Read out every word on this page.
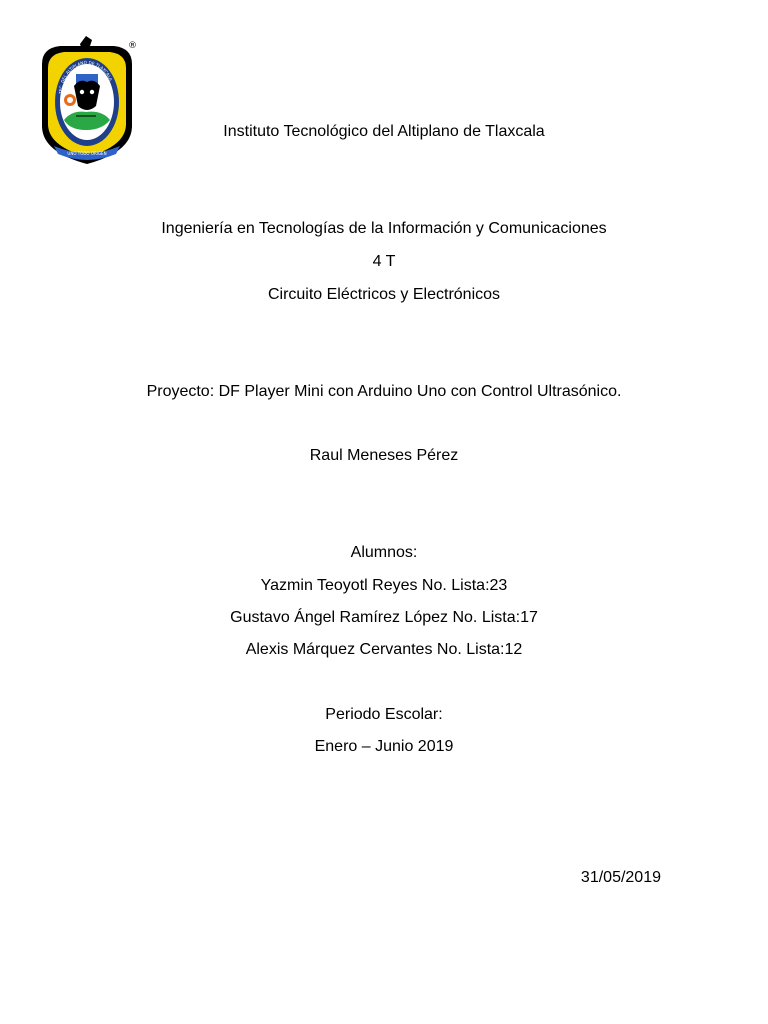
TEC. DEL ALTIPLANO DE TLAXCALA
UNO TODO ORIGEN
®
Instituto Tecnológico del Altiplano de Tlaxcala
Ingeniería en Tecnologías de la Información y Comunicaciones
4 T
Circuito Eléctricos y Electrónicos
Proyecto: DF Player Mini con Arduino Uno con Control Ultrasónico.
Raul Meneses Pérez
Alumnos:
Yazmin Teoyotl Reyes No. Lista:23
Gustavo Ángel Ramírez López No. Lista:17
Alexis Márquez Cervantes No. Lista:12
Periodo Escolar:
Enero – Junio 2019
31/05/2019
